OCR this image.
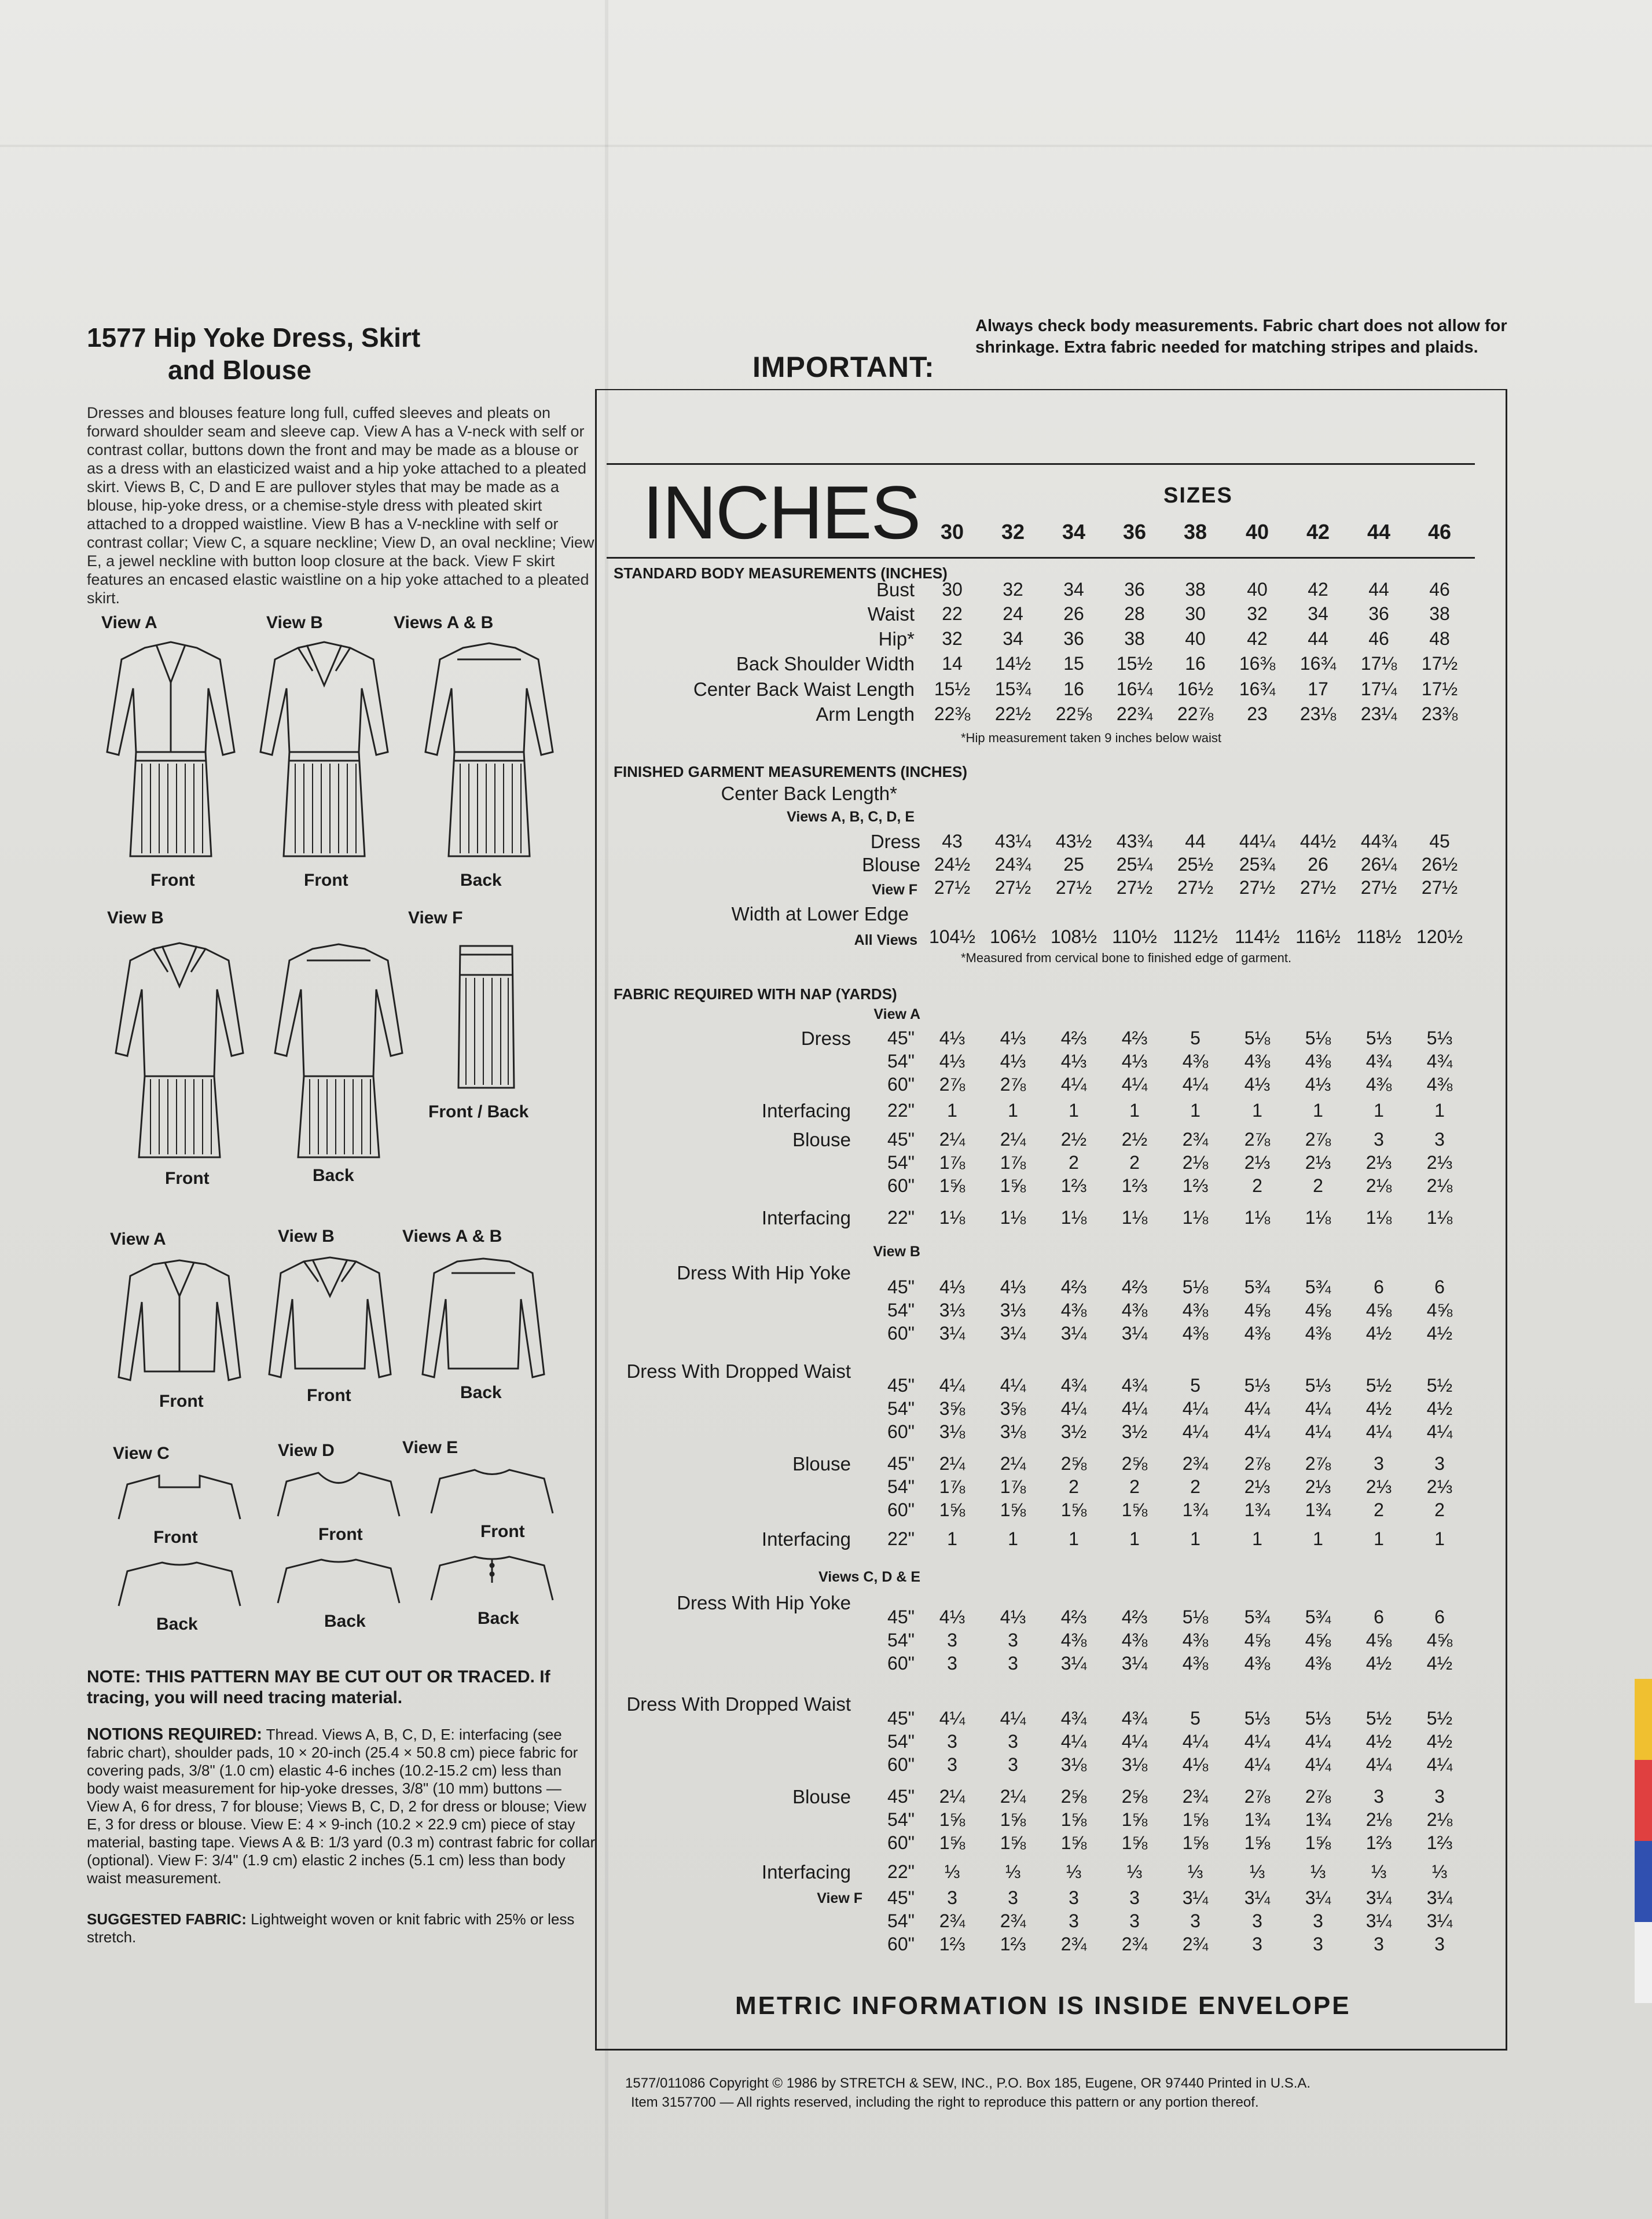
1577 Hip Yoke Dress, Skirt
and Blouse
Dresses and blouses feature long full, cuffed sleeves and pleats on forward shoulder seam and sleeve cap. View A has a V-neck with self or contrast collar, buttons down the front and may be made as a blouse or as a dress with an elasticized waist and a hip yoke attached to a pleated skirt. Views B, C, D and E are pullover styles that may be made as a blouse, hip-yoke dress, or a chemise-style dress with pleated skirt attached to a dropped waistline. View B has a V-neckline with self or contrast collar; View C, a square neckline; View D, an oval neckline; View E, a jewel neckline with button loop closure at the back. View F skirt features an encased elastic waistline on a hip yoke attached to a pleated skirt.
View A	View B	Views A & B
Front	Front	Back
View B	View F
Front	Back
Front / Back
View A	View B	Views A & B
Front	Front	Back
View C	View D	View E
Front	Front	Front
Back	Back	Back
NOTE: THIS PATTERN MAY BE CUT OUT OR TRACED. If tracing, you will need tracing material.
NOTIONS REQUIRED: Thread. Views A, B, C, D, E: interfacing (see fabric chart), shoulder pads, 10 × 20-inch (25.4 × 50.8 cm) piece fabric for covering pads, 3/8" (1.0 cm) elastic 4-6 inches (10.2-15.2 cm) less than body waist measurement for hip-yoke dresses, 3/8" (10 mm) buttons — View A, 6 for dress, 7 for blouse; Views B, C, D, 2 for dress or blouse; View E, 3 for dress or blouse. View E: 4 × 9-inch (10.2 × 22.9 cm) piece of stay material, basting tape. Views A & B: 1/3 yard (0.3 m) contrast fabric for collar (optional). View F: 3/4" (1.9 cm) elastic 2 inches (5.1 cm) less than body waist measurement.
SUGGESTED FABRIC: Lightweight woven or knit fabric with 25% or less stretch.
Always check body measurements. Fabric chart does not allow for shrinkage. Extra fabric needed for matching stripes and plaids.
IMPORTANT:
INCHES	SIZES
30	32	34	36	38	40	42	44	46
STANDARD BODY MEASUREMENTS (INCHES)
Bust	30	32	34	36	38	40	42	44	46
Waist	22	24	26	28	30	32	34	36	38
Hip*	32	34	36	38	40	42	44	46	48
Back Shoulder Width	14	14½	15	15½	16	16⅜	16¾	17⅛	17½
Center Back Waist Length	15½	15¾	16	16¼	16½	16¾	17	17¼	17½
Arm Length	22⅜	22½	22⅝	22¾	22⅞	23	23⅛	23¼	23⅜
*Hip measurement taken 9 inches below waist
FINISHED GARMENT MEASUREMENTS (INCHES)
Center Back Length*
Views A, B, C, D, E
Dress	43	43¼	43½	43¾	44	44¼	44½	44¾	45
Blouse 24½	24¾	25	25¼	25½	25¾	26	26¼	26½
View F 27½	27½	27½	27½	27½	27½	27½	27½	27½
All Views 104½ 106½ 108½ 110½ 112½ 114½ 116½ 118½ 120½
Width at Lower Edge
*Measured from cervical bone to finished edge of garment.
FABRIC REQUIRED WITH NAP (YARDS)
View A
View B
Views C, D & E
Dress	45"	4⅓	4⅓	4⅔	4⅔	5	5⅛	5⅛	5⅓	5⅓
54"	4⅓	4⅓	4⅓	4⅓	4⅜	4⅜	4⅜	4¾	4¾
60"	2⅞	2⅞	4¼	4¼	4¼	4⅓	4⅓	4⅜	4⅜
Interfacing	22"	1	1	1	1	1	1	1	1	1
Blouse	45"	2¼	2¼	2½	2½	2¾	2⅞	2⅞	3	3
54"	1⅞	1⅞	2	2	2⅛	2⅓	2⅓	2⅓	2⅓
60"	1⅝	1⅝	1⅔	1⅔	1⅔	2	2	2⅛	2⅛
Interfacing	22"	1⅛	1⅛	1⅛	1⅛	1⅛	1⅛	1⅛	1⅛	1⅛
Dress With Hip Yoke
45"	4⅓	4⅓	4⅔	4⅔	5⅛	5¾	5¾	6	6
54"	3⅓	3⅓	4⅜	4⅜	4⅜	4⅝	4⅝	4⅝	4⅝
60"	3¼	3¼	3¼	3¼	4⅜	4⅜	4⅜	4½	4½
Dress With Dropped Waist
45"	4¼	4¼	4¾	4¾	5	5⅓	5⅓	5½	5½
54"	3⅝	3⅝	4¼	4¼	4¼	4¼	4¼	4½	4½
60"	3⅛	3⅛	3½	3½	4¼	4¼	4¼	4¼	4¼
Blouse	45"	2¼	2¼	2⅝	2⅝	2¾	2⅞	2⅞	3	3
54"	1⅞	1⅞	2	2	2	2⅓	2⅓	2⅓	2⅓
60"	1⅝	1⅝	1⅝	1⅝	1¾	1¾	1¾	2	2
Interfacing	22"	1	1	1	1	1	1	1	1	1
Dress With Hip Yoke
45"	4⅓	4⅓	4⅔	4⅔	5⅛	5¾	5¾	6	6
54"	3	3	4⅜	4⅜	4⅜	4⅝	4⅝	4⅝	4⅝
60"	3	3	3¼	3¼	4⅜	4⅜	4⅜	4½	4½
Dress With Dropped Waist
45"	4¼	4¼	4¾	4¾	5	5⅓	5⅓	5½	5½
54"	3	3	4¼	4¼	4¼	4¼	4¼	4½	4½
60"	3	3	3⅛	3⅛	4⅛	4¼	4¼	4¼	4¼
Blouse	45"	2¼	2¼	2⅝	2⅝	2¾	2⅞	2⅞	3	3
54"	1⅝	1⅝	1⅝	1⅝	1⅝	1¾	1¾	2⅛	2⅛
60"	1⅝	1⅝	1⅝	1⅝	1⅝	1⅝	1⅝	1⅔	1⅔
Interfacing	22"	⅓	⅓	⅓	⅓	⅓	⅓	⅓	⅓	⅓
View F	45"	3	3	3	3	3¼	3¼	3¼	3¼	3¼
54"	2¾	2¾	3	3	3	3	3	3¼	3¼
60"	1⅔	1⅔	2¾	2¾	2¾	3	3	3	3
METRIC INFORMATION IS INSIDE ENVELOPE
1577/011086 Copyright © 1986 by STRETCH & SEW, INC., P.O. Box 185, Eugene, OR 97440 Printed in U.S.A.
Item 3157700 — All rights reserved, including the right to reproduce this pattern or any portion thereof.
